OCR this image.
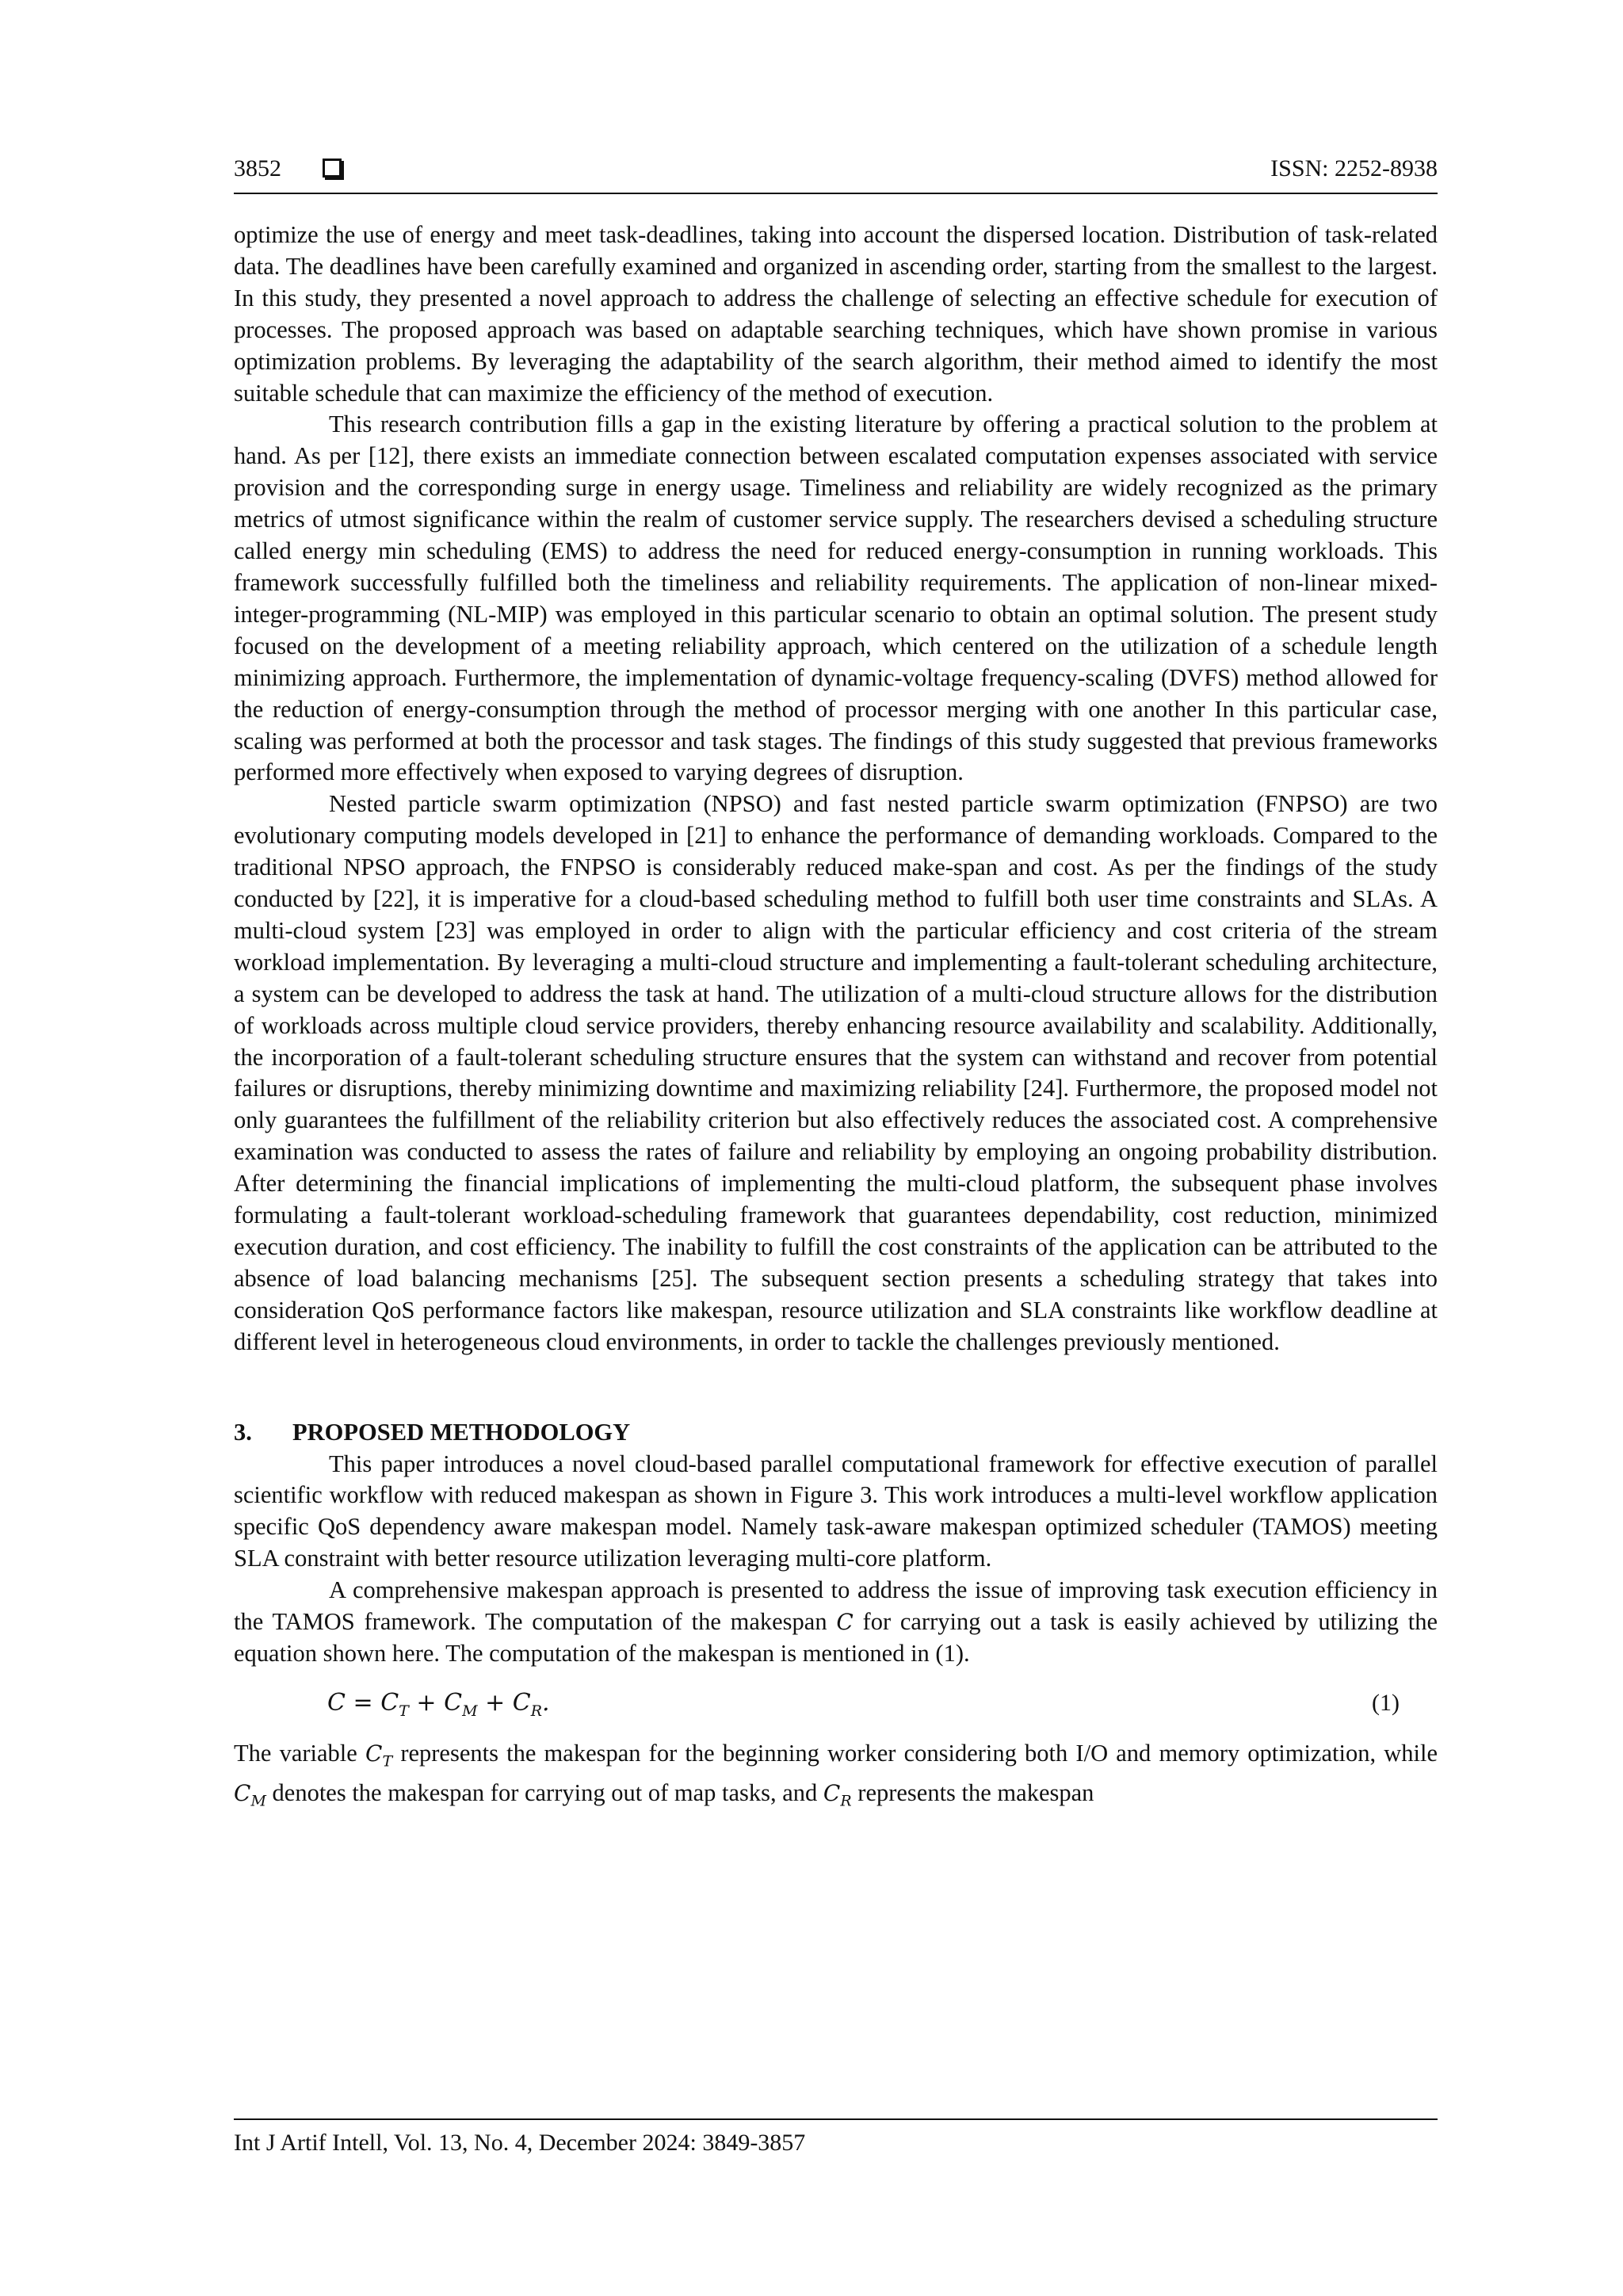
3852	ISSN: 2252-8938

optimize the use of energy and meet task-deadlines, taking into account the dispersed location. Distribution of task-related data. The deadlines have been carefully examined and organized in ascending order, starting from the smallest to the largest. In this study, they presented a novel approach to address the challenge of selecting an effective schedule for execution of processes. The proposed approach was based on adaptable searching techniques, which have shown promise in various optimization problems. By leveraging the adaptability of the search algorithm, their method aimed to identify the most suitable schedule that can maximize the efficiency of the method of execution.

This research contribution fills a gap in the existing literature by offering a practical solution to the problem at hand. As per [12], there exists an immediate connection between escalated computation expenses associated with service provision and the corresponding surge in energy usage. Timeliness and reliability are widely recognized as the primary metrics of utmost significance within the realm of customer service supply. The researchers devised a scheduling structure called energy min scheduling (EMS) to address the need for reduced energy-consumption in running workloads. This framework successfully fulfilled both the timeliness and reliability requirements. The application of non-linear mixed-integer-programming (NL-MIP) was employed in this particular scenario to obtain an optimal solution. The present study focused on the development of a meeting reliability approach, which centered on the utilization of a schedule length minimizing approach. Furthermore, the implementation of dynamic-voltage frequency-scaling (DVFS) method allowed for the reduction of energy-consumption through the method of processor merging with one another In this particular case, scaling was performed at both the processor and task stages. The findings of this study suggested that previous frameworks performed more effectively when exposed to varying degrees of disruption.

Nested particle swarm optimization (NPSO) and fast nested particle swarm optimization (FNPSO) are two evolutionary computing models developed in [21] to enhance the performance of demanding workloads. Compared to the traditional NPSO approach, the FNPSO is considerably reduced make-span and cost. As per the findings of the study conducted by [22], it is imperative for a cloud-based scheduling method to fulfill both user time constraints and SLAs. A multi-cloud system [23] was employed in order to align with the particular efficiency and cost criteria of the stream workload implementation. By leveraging a multi-cloud structure and implementing a fault-tolerant scheduling architecture, a system can be developed to address the task at hand. The utilization of a multi-cloud structure allows for the distribution of workloads across multiple cloud service providers, thereby enhancing resource availability and scalability. Additionally, the incorporation of a fault-tolerant scheduling structure ensures that the system can withstand and recover from potential failures or disruptions, thereby minimizing downtime and maximizing reliability [24]. Furthermore, the proposed model not only guarantees the fulfillment of the reliability criterion but also effectively reduces the associated cost. A comprehensive examination was conducted to assess the rates of failure and reliability by employing an ongoing probability distribution. After determining the financial implications of implementing the multi-cloud platform, the subsequent phase involves formulating a fault-tolerant workload-scheduling framework that guarantees dependability, cost reduction, minimized execution duration, and cost efficiency. The inability to fulfill the cost constraints of the application can be attributed to the absence of load balancing mechanisms [25]. The subsequent section presents a scheduling strategy that takes into consideration QoS performance factors like makespan, resource utilization and SLA constraints like workflow deadline at different level in heterogeneous cloud environments, in order to tackle the challenges previously mentioned.

3. PROPOSED METHODOLOGY

This paper introduces a novel cloud-based parallel computational framework for effective execution of parallel scientific workflow with reduced makespan as shown in Figure 3. This work introduces a multi-level workflow application specific QoS dependency aware makespan model. Namely task-aware makespan optimized scheduler (TAMOS) meeting SLA constraint with better resource utilization leveraging multi-core platform.

A comprehensive makespan approach is presented to address the issue of improving task execution efficiency in the TAMOS framework. The computation of the makespan C for carrying out a task is easily achieved by utilizing the equation shown here. The computation of the makespan is mentioned in (1).

$C = C_T + C_M + C_R$.	(1)

The variable $C_T$ represents the makespan for the beginning worker considering both I/O and memory optimization, while $C_M$ denotes the makespan for carrying out of map tasks, and $C_R$ represents the makespan

Int J Artif Intell, Vol. 13, No. 4, December 2024: 3849-3857
